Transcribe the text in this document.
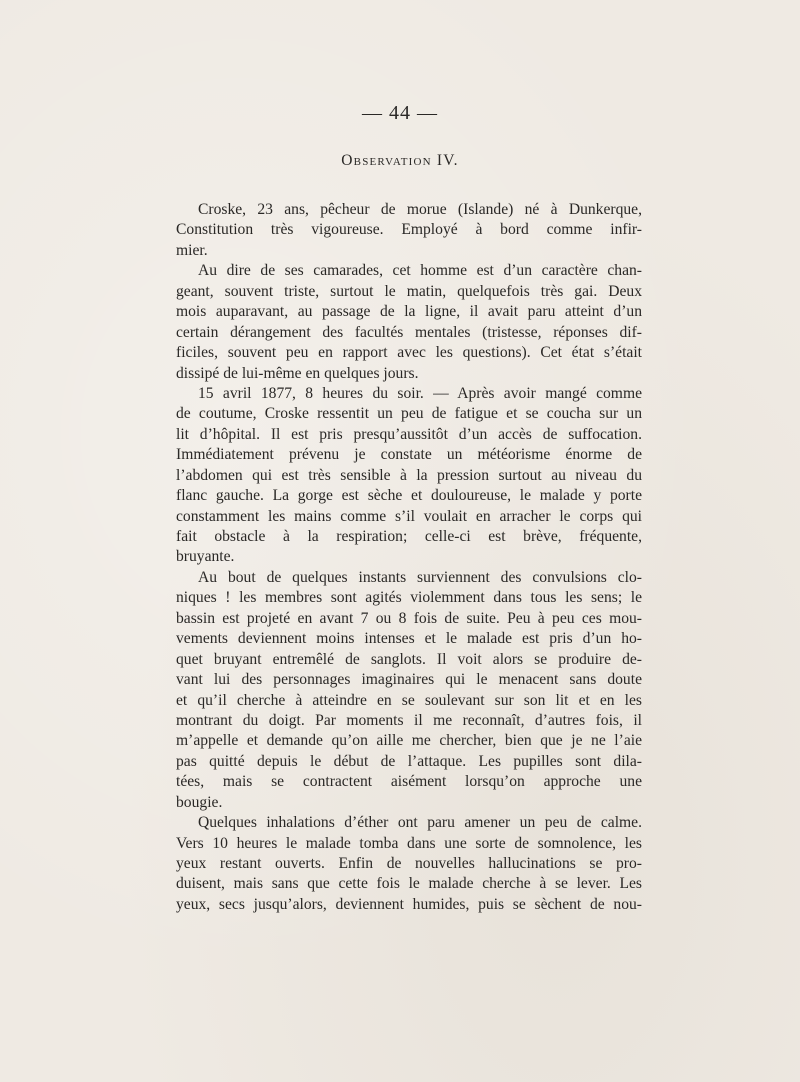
— 44 —
Observation IV.
Croske, 23 ans, pêcheur de morue (Islande) né à Dunkerque,
Constitution très vigoureuse. Employé à bord comme infir-
mier.
Au dire de ses camarades, cet homme est d’un caractère chan-
geant, souvent triste, surtout le matin, quelquefois très gai. Deux
mois auparavant, au passage de la ligne, il avait paru atteint d’un
certain dérangement des facultés mentales (tristesse, réponses dif-
ficiles, souvent peu en rapport avec les questions). Cet état s’était
dissipé de lui-même en quelques jours.
15 avril 1877, 8 heures du soir. — Après avoir mangé comme
de coutume, Croske ressentit un peu de fatigue et se coucha sur un
lit d’hôpital. Il est pris presqu’aussitôt d’un accès de suffocation.
Immédiatement prévenu je constate un météorisme énorme de
l’abdomen qui est très sensible à la pression surtout au niveau du
flanc gauche. La gorge est sèche et douloureuse, le malade y porte
constamment les mains comme s’il voulait en arracher le corps qui
fait obstacle à la respiration; celle-ci est brève, fréquente,
bruyante.
Au bout de quelques instants surviennent des convulsions clo-
niques ! les membres sont agités violemment dans tous les sens; le
bassin est projeté en avant 7 ou 8 fois de suite. Peu à peu ces mou-
vements deviennent moins intenses et le malade est pris d’un ho-
quet bruyant entremêlé de sanglots. Il voit alors se produire de-
vant lui des personnages imaginaires qui le menacent sans doute
et qu’il cherche à atteindre en se soulevant sur son lit et en les
montrant du doigt. Par moments il me reconnaît, d’autres fois, il
m’appelle et demande qu’on aille me chercher, bien que je ne l’aie
pas quitté depuis le début de l’attaque. Les pupilles sont dila-
tées, mais se contractent aisément lorsqu’on approche une
bougie.
Quelques inhalations d’éther ont paru amener un peu de calme.
Vers 10 heures le malade tomba dans une sorte de somnolence, les
yeux restant ouverts. Enfin de nouvelles hallucinations se pro-
duisent, mais sans que cette fois le malade cherche à se lever. Les
yeux, secs jusqu’alors, deviennent humides, puis se sèchent de nou-
